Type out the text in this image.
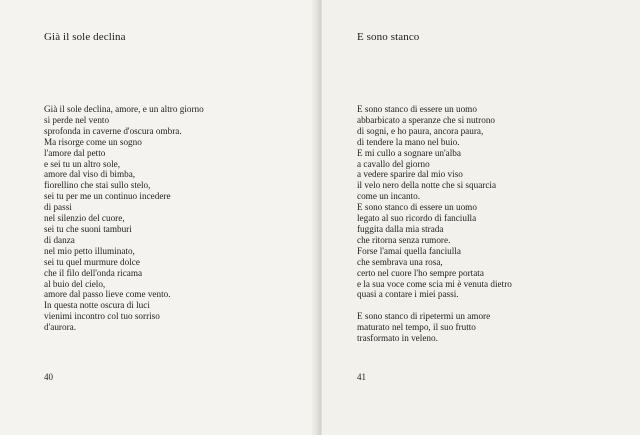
Già il sole declina
Già il sole declina, amore, e un altro giorno
si perde nel vento
sprofonda in caverne d'oscura ombra.
Ma risorge come un sogno
l'amore dal petto
e sei tu un altro sole,
amore dal viso di bimba,
fiorellino che stai sullo stelo,
sei tu per me un continuo incedere
di passi
nel silenzio del cuore,
sei tu che suoni tamburi
di danza
nel mio petto illuminato,
sei tu quel murmure dolce
che il filo dell'onda ricama
al buio del cielo,
amore dal passo lieve come vento.
In questa notte oscura di luci
vienimi incontro col tuo sorriso
d'aurora.
40
E sono stanco
E sono stanco di essere un uomo
abbarbicato a speranze che si nutrono
di sogni, e ho paura, ancora paura,
di tendere la mano nel buio.
E mi cullo a sognare un'alba
a cavallo del giorno
a vedere sparire dal mio viso
il velo nero della notte che si squarcia
come un incanto.
E sono stanco di essere un uomo
legato al suo ricordo di fanciulla
fuggita dalla mia strada
che ritorna senza rumore.
Forse l'amai quella fanciulla
che sembrava una rosa,
certo nel cuore l'ho sempre portata
e la sua voce come scia mi è venuta dietro
quasi a contare i miei passi.
E sono stanco di ripetermi un amore
maturato nel tempo, il suo frutto
trasformato in veleno.
41
